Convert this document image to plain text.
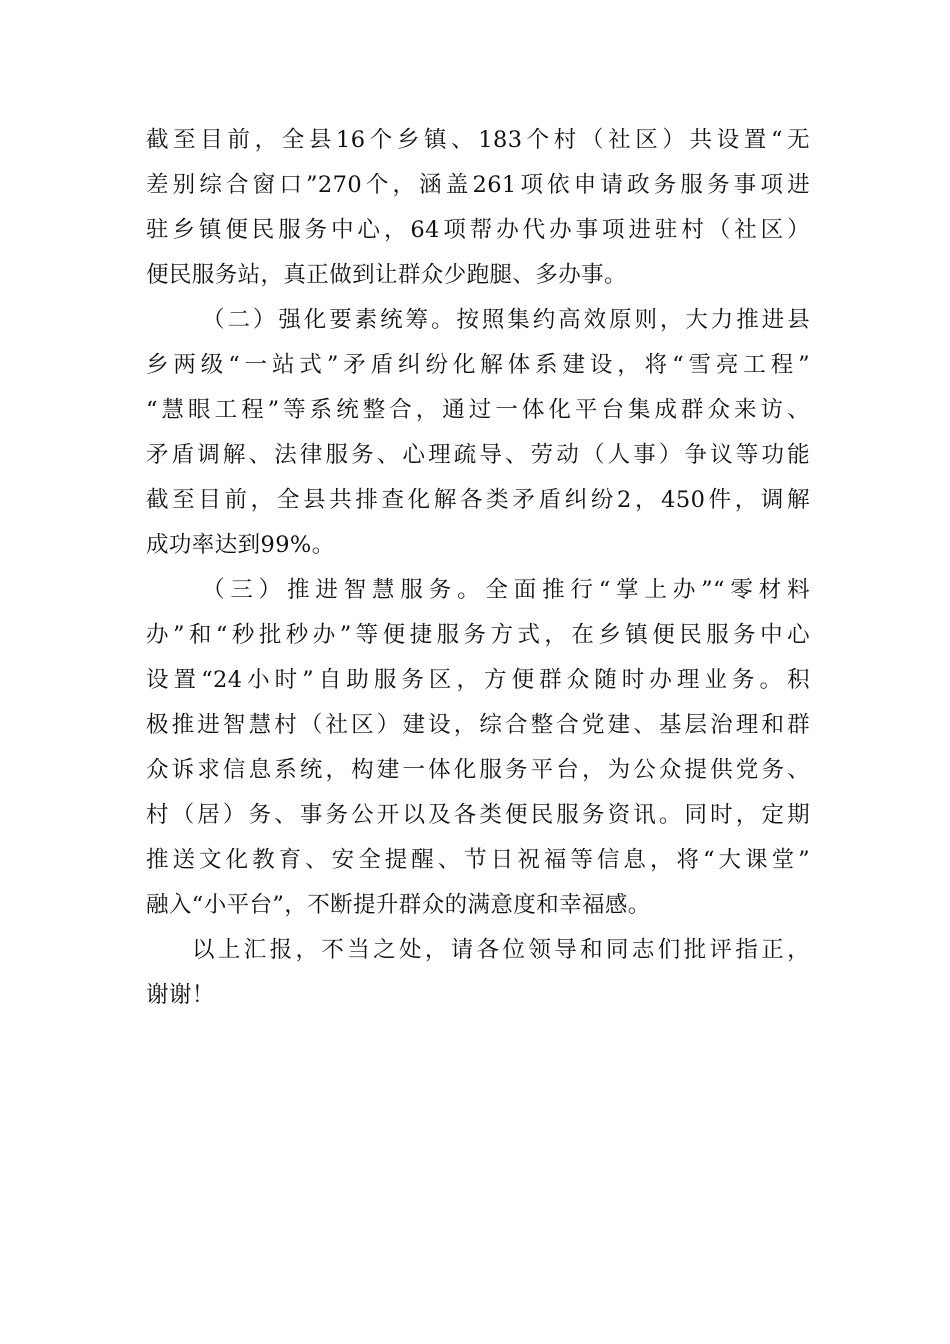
截至目前，全县16个乡镇、183个村（社区）共设置“无
差别综合窗口”270个，涵盖261项依申请政务服务事项进
驻乡镇便民服务中心，64项帮办代办事项进驻村（社区）
便民服务站，真正做到让群众少跑腿、多办事。
（二）强化要素统筹。按照集约高效原则，大力推进县
乡两级“一站式”矛盾纠纷化解体系建设，将“雪亮工程”
“慧眼工程”等系统整合，通过一体化平台集成群众来访、
矛盾调解、法律服务、心理疏导、劳动（人事）争议等功能
截至目前，全县共排查化解各类矛盾纠纷2，450件，调解
成功率达到99%。
（三）推进智慧服务。全面推行“掌上办”“零材料
办”和“秒批秒办”等便捷服务方式，在乡镇便民服务中心
设置“24小时”自助服务区，方便群众随时办理业务。积
极推进智慧村（社区）建设，综合整合党建、基层治理和群
众诉求信息系统，构建一体化服务平台，为公众提供党务、
村（居）务、事务公开以及各类便民服务资讯。同时，定期
推送文化教育、安全提醒、节日祝福等信息，将“大课堂”
融入“小平台”，不断提升群众的满意度和幸福感。
以上汇报，不当之处，请各位领导和同志们批评指正，
谢谢！
